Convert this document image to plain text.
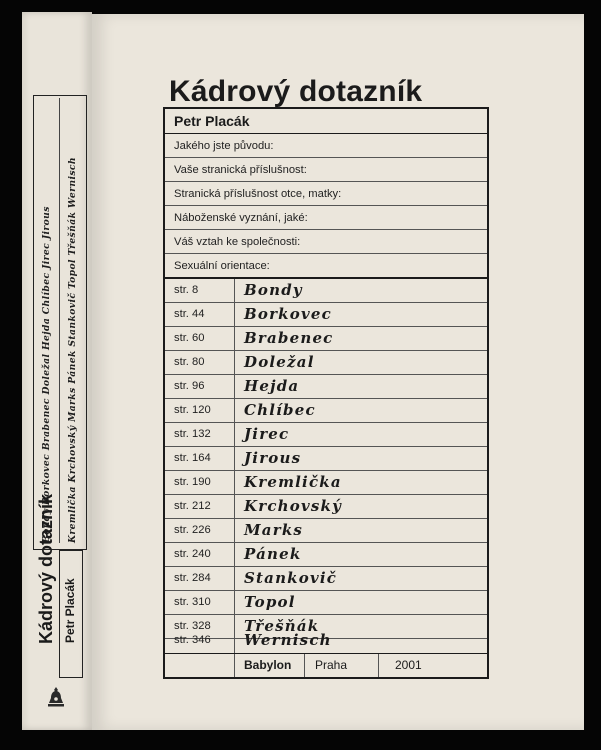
Kádrový dotazník Petr Placák
Bondy Borkovec Brabenec Doležal Hejda Chlíbec Jirec Jirous	Kremlička Krchovský Marks Pánek Stankovič Topol Třešňák Wernisch
Kádrový dotazník
Petr Placák
Jakého jste původu:
Vaše stranická příslušnost:
Stranická příslušnost otce, matky:
Náboženské vyznání, jaké:
Váš vztah ke společnosti:
Sexuální orientace:
str. 8	Bondy
str. 44	Borkovec
str. 60	Brabenec
str. 80	Doležal
str. 96	Hejda
str. 120	Chlíbec
str. 132	Jirec
str. 164	Jirous
str. 190	Kremlička
str. 212	Krchovský
str. 226	Marks
str. 240	Pánek
str. 284	Stankovič
str. 310	Topol
str. 328	Třešňák
str. 346	Wernisch
Babylon	Praha	2001
